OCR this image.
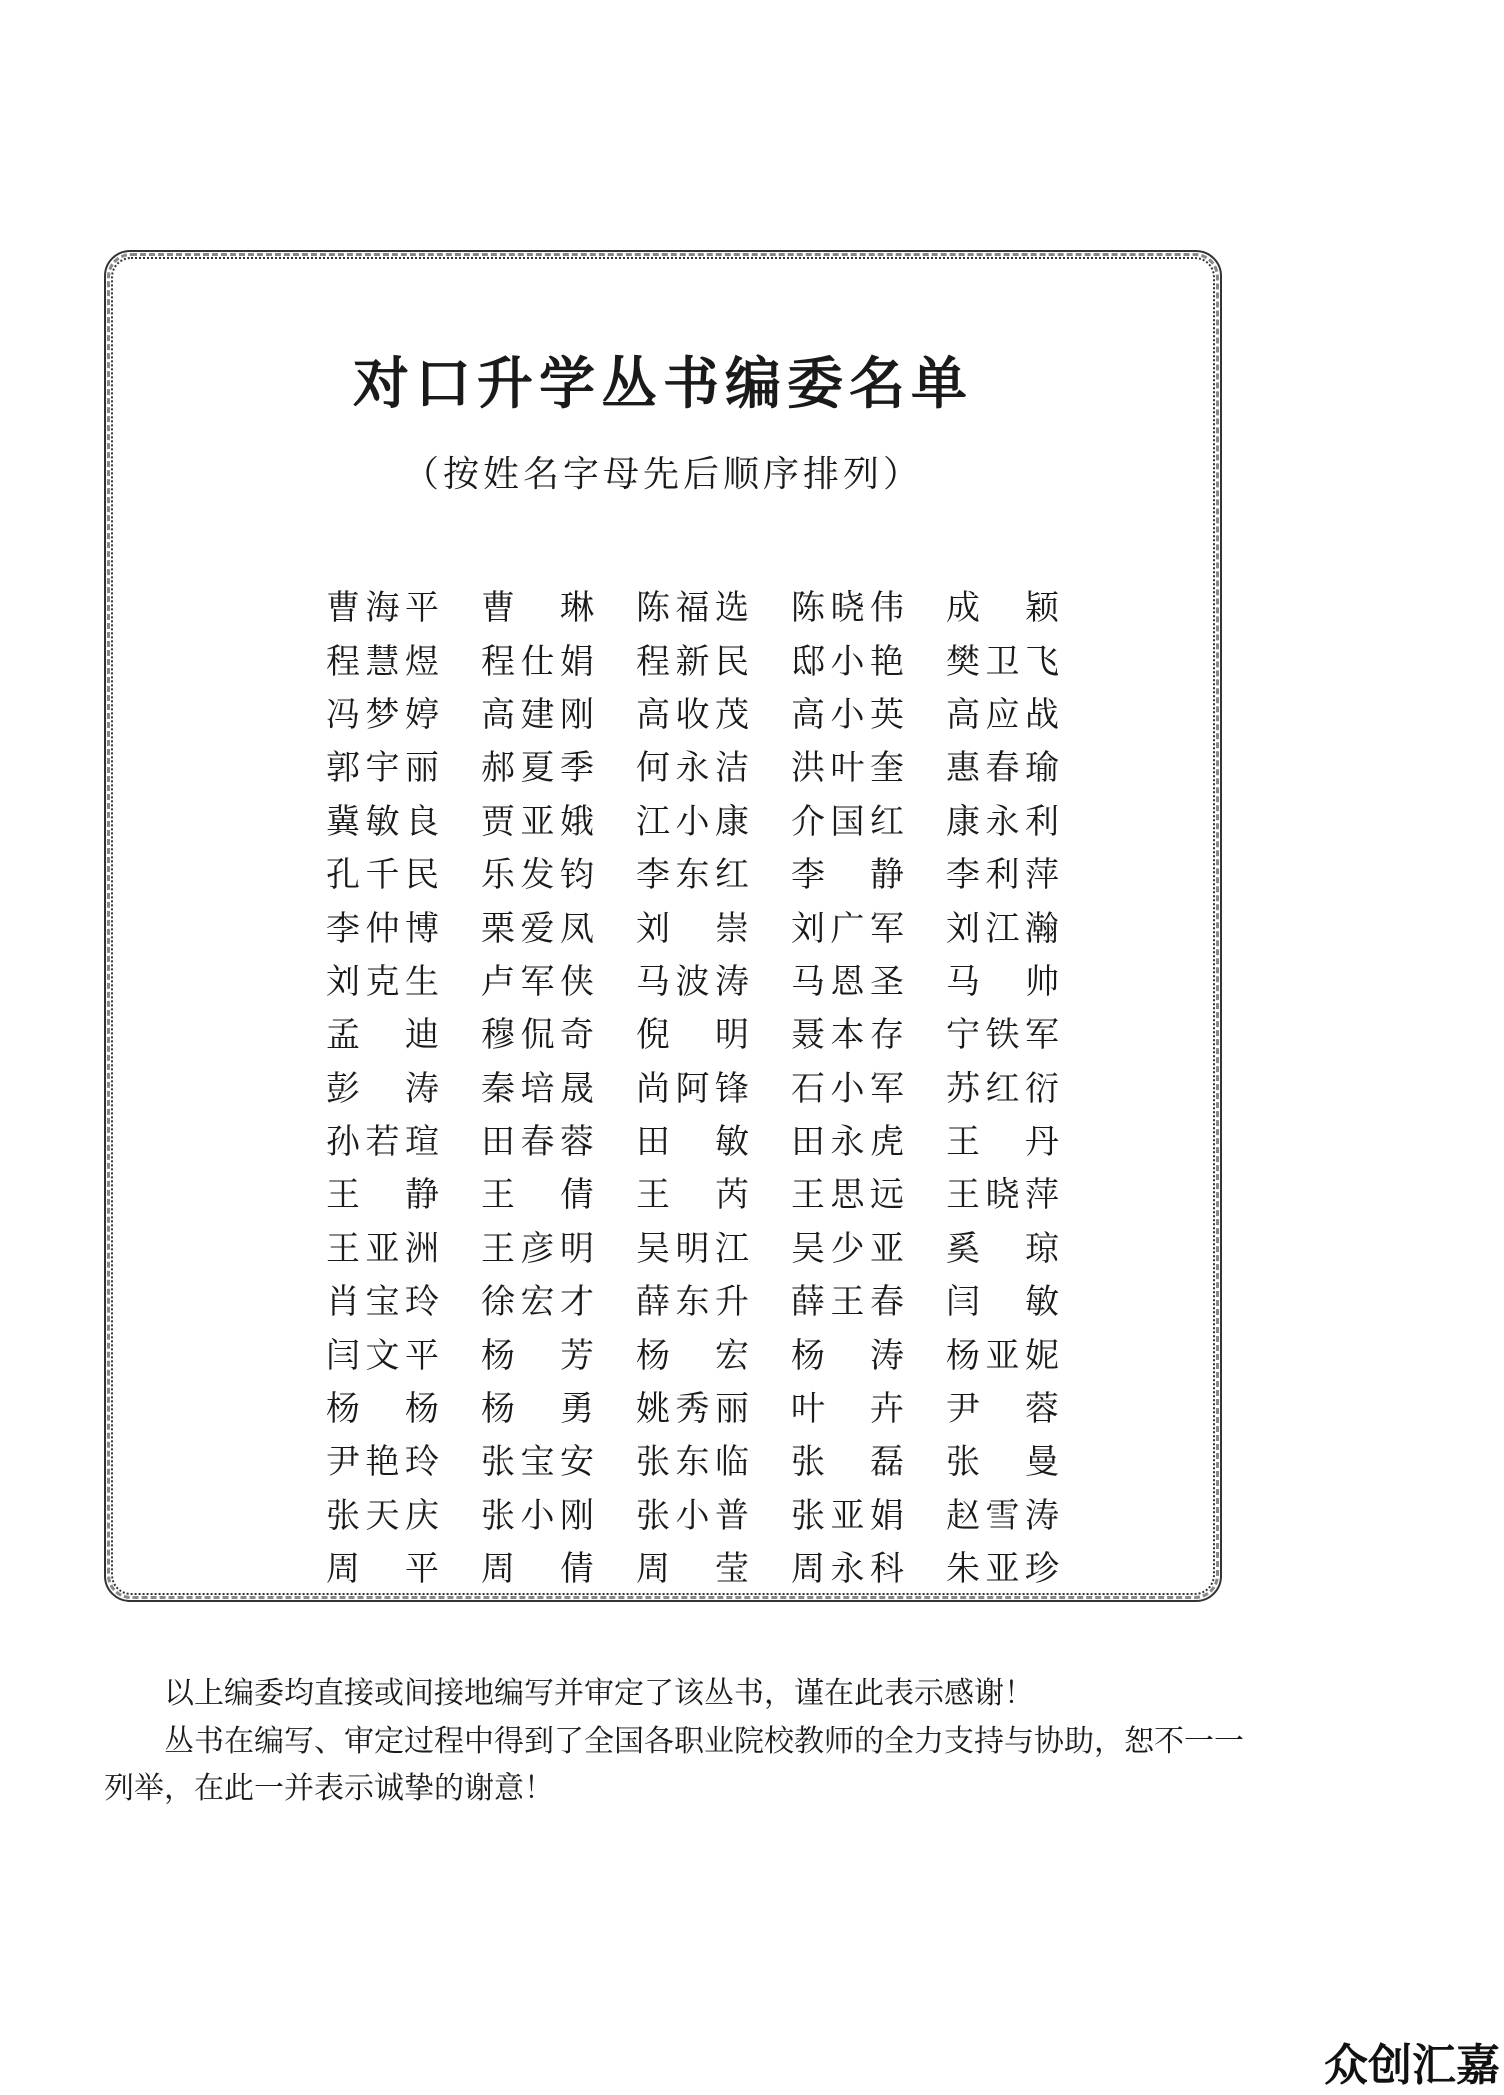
对口升学丛书编委名单

（按姓名字母先后顺序排列）

曹 海 平 曹 琳 陈 福 选 陈 晓 伟 成 颖
程 慧 煜 程 仕 娟 程 新 民 邸 小 艳 樊 卫 飞
冯 梦 婷 高 建 刚 高 收 茂 高 小 英 高 应 战
郭 宇 丽 郝 夏 季 何 永 洁 洪 叶 奎 惠 春 瑜
冀 敏 良 贾 亚 娥 江 小 康 介 国 红 康 永 利
孔 千 民 乐 发 钧 李 东 红 李 静 李 利 萍
李 仲 博 栗 爱 凤 刘 崇 刘 广 军 刘 江 瀚
刘 克 生 卢 军 侠 马 波 涛 马 恩 圣 马 帅
孟 迪 穆 侃 奇 倪 明 聂 本 存 宁 铁 军
彭 涛 秦 培 晟 尚 阿 锋 石 小 军 苏 红 衍
孙 若 瑄 田 春 蓉 田 敏 田 永 虎 王 丹
王 静 王 倩 王 芮 王 思 远 王 晓 萍
王 亚 洲 王 彦 明 吴 明 江 吴 少 亚 奚 琼
肖 宝 玲 徐 宏 才 薛 东 升 薛 王 春 闫 敏
闫 文 平 杨 芳 杨 宏 杨 涛 杨 亚 妮
杨 杨 杨 勇 姚 秀 丽 叶 卉 尹 蓉
尹 艳 玲 张 宝 安 张 东 临 张 磊 张 曼
张 天 庆 张 小 刚 张 小 普 张 亚 娟 赵 雪 涛
周 平 周 倩 周 莹 周 永 科 朱 亚 珍

以上编委均直接或间接地编写并审定了该丛书，谨在此表示感谢！

丛书在编写、审定过程中得到了全国各职业院校教师的全力支持与协助，恕不一一列举，在此一并表示诚挚的谢意！

众创汇嘉
